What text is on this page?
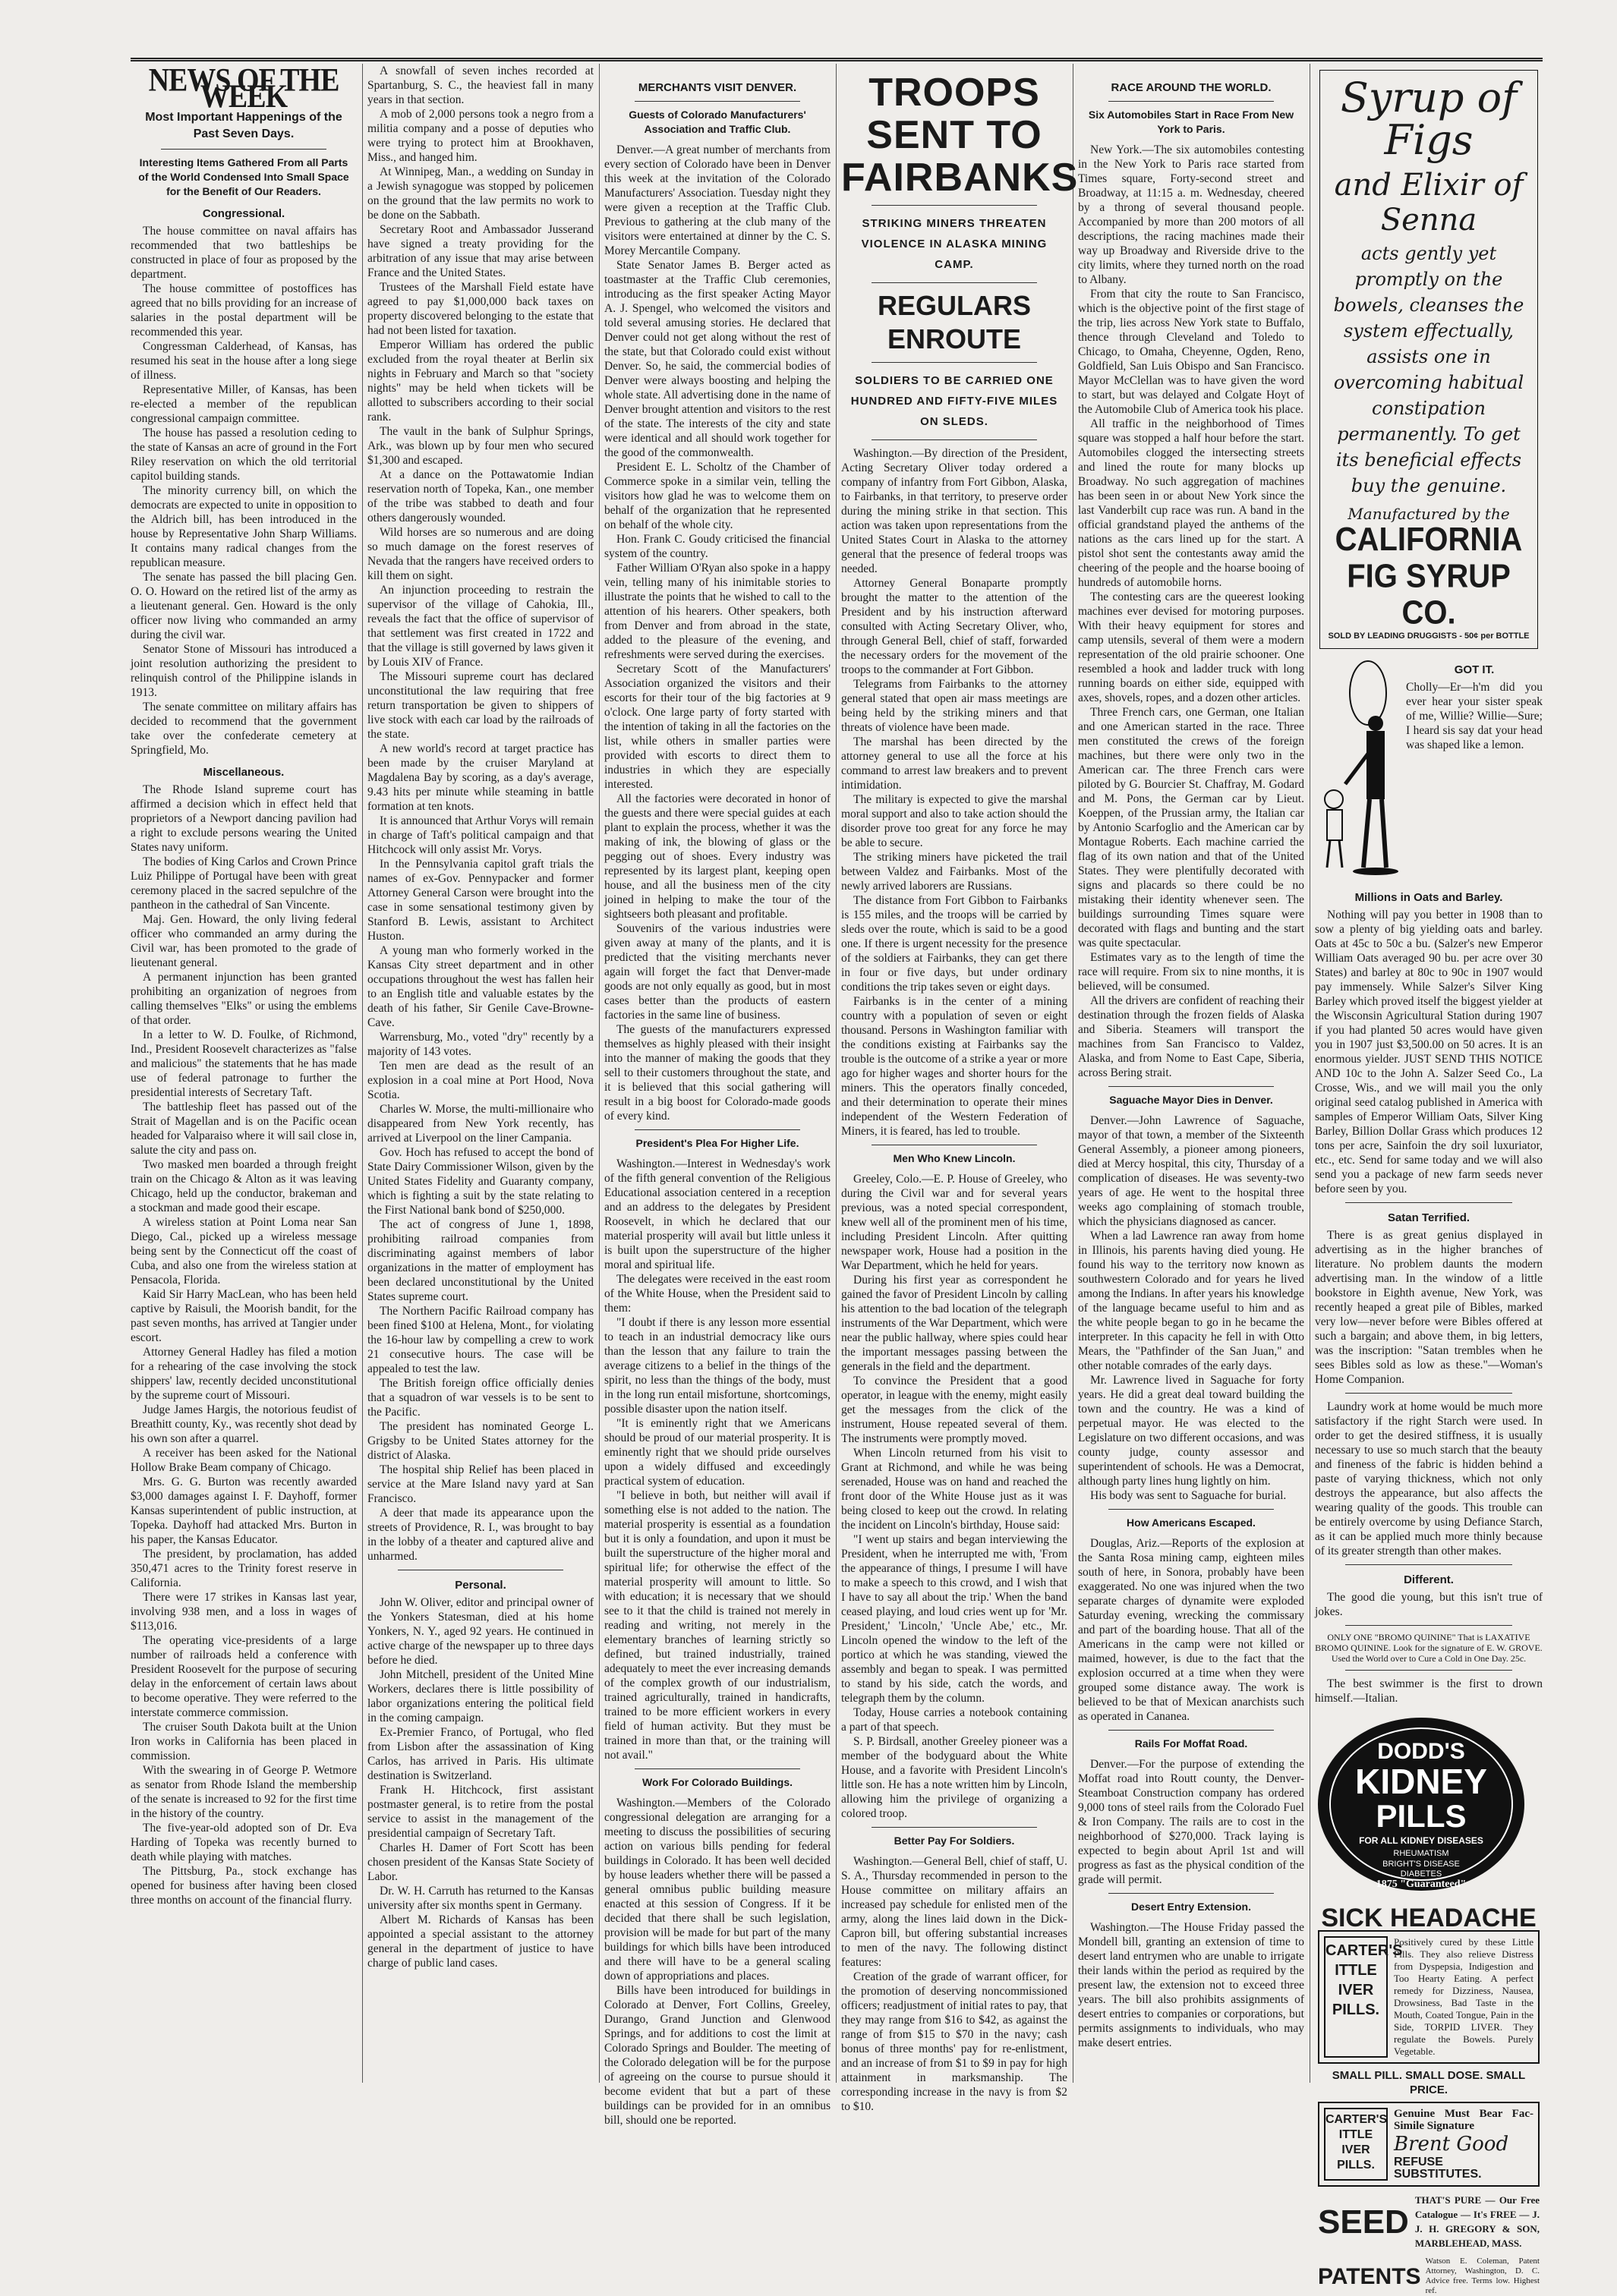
NEWS OF THE WEEK
Most Important Happenings of the Past Seven Days.
Interesting Items Gathered From all Parts of the World Condensed Into Small Space for the Benefit of Our Readers.
Congressional.

The house committee on naval affairs has recommended that two battleships be constructed in place of four as proposed by the department.

The house committee of postoffices has agreed that no bills providing for an increase of salaries in the postal department will be recommended this year.

Congressman Calderhead, of Kansas, has resumed his seat in the house after a long siege of illness.

Representative Miller, of Kansas, has been re-elected a member of the republican congressional campaign committee.

The house has passed a resolution ceding to the state of Kansas an acre of ground in the Fort Riley reservation on which the old territorial capitol building stands.

The minority currency bill, on which the democrats are expected to unite in opposition to the Aldrich bill, has been introduced in the house by Representative John Sharp Williams. It contains many radical changes from the republican measure.

The senate has passed the bill placing Gen. O. O. Howard on the retired list of the army as a lieutenant general. Gen. Howard is the only officer now living who commanded an army during the civil war.

Senator Stone of Missouri has introduced a joint resolution authorizing the president to relinquish control of the Philippine islands in 1913.

The senate committee on military affairs has decided to recommend that the government take over the confederate cemetery at Springfield, Mo.

Miscellaneous.

The Rhode Island supreme court has affirmed a decision which in effect held that proprietors of a Newport dancing pavilion had a right to exclude persons wearing the United States navy uniform.

The bodies of King Carlos and Crown Prince Luiz Philippe of Portugal have been with great ceremony placed in the sacred sepulchre of the pantheon in the cathedral of San Vincente.

Maj. Gen. Howard, the only living federal officer who commanded an army during the Civil war, has been promoted to the grade of lieutenant general.

A permanent injunction has been granted prohibiting an organization of negroes from calling themselves "Elks" or using the emblems of that order.

In a letter to W. D. Foulke, of Richmond, Ind., President Roosevelt characterizes as "false and malicious" the statements that he has made use of federal patronage to further the presidential interests of Secretary Taft.

The battleship fleet has passed out of the Strait of Magellan and is on the Pacific ocean headed for Valparaiso where it will sail close in, salute the city and pass on.

Two masked men boarded a through freight train on the Chicago & Alton as it was leaving Chicago, held up the conductor, brakeman and a stockman and made good their escape.

A wireless station at Point Loma near San Diego, Cal., picked up a wireless message being sent by the Connecticut off the coast of Cuba, and also one from the wireless station at Pensacola, Florida.

Kaid Sir Harry MacLean, who has been held captive by Raisuli, the Moorish bandit, for the past seven months, has arrived at Tangier under escort.

Attorney General Hadley has filed a motion for a rehearing of the case involving the stock shippers' law, recently decided unconstitutional by the supreme court of Missouri.

Judge James Hargis, the notorious feudist of Breathitt county, Ky., was recently shot dead by his own son after a quarrel.

A receiver has been asked for the National Hollow Brake Beam company of Chicago.

Mrs. G. G. Burton was recently awarded $3,000 damages against I. F. Dayhoff, former Kansas superintendent of public instruction, at Topeka. Dayhoff had attacked Mrs. Burton in his paper, the Kansas Educator.

The president, by proclamation, has added 350,471 acres to the Trinity forest reserve in California.

There were 17 strikes in Kansas last year, involving 938 men, and a loss in wages of $113,016.

The operating vice-presidents of a large number of railroads held a conference with President Roosevelt for the purpose of securing delay in the enforcement of certain laws about to become operative. They were referred to the interstate commerce commission.

The cruiser South Dakota built at the Union Iron works in California has been placed in commission.

With the swearing in of George P. Wetmore as senator from Rhode Island the membership of the senate is increased to 92 for the first time in the history of the country.

The five-year-old adopted son of Dr. Eva Harding of Topeka was recently burned to death while playing with matches.

The Pittsburg, Pa., stock exchange has opened for business after having been closed three months on account of the financial flurry.

A snowfall of seven inches recorded at Spartanburg, S. C., the heaviest fall in many years in that section.

A mob of 2,000 persons took a negro from a militia company and a posse of deputies who were trying to protect him at Brookhaven, Miss., and hanged him.

At Winnipeg, Man., a wedding on Sunday in a Jewish synagogue was stopped by policemen on the ground that the law permits no work to be done on the Sabbath.

Secretary Root and Ambassador Jusserand have signed a treaty providing for the arbitration of any issue that may arise between France and the United States.

Trustees of the Marshall Field estate have agreed to pay $1,000,000 back taxes on property discovered belonging to the estate that had not been listed for taxation.

Emperor William has ordered the public excluded from the royal theater at Berlin six nights in February and March so that "society nights" may be held when tickets will be allotted to subscribers according to their social rank.

The vault in the bank of Sulphur Springs, Ark., was blown up by four men who secured $1,300 and escaped.

At a dance on the Pottawatomie Indian reservation north of Topeka, Kan., one member of the tribe was stabbed to death and four others dangerously wounded.

Wild horses are so numerous and are doing so much damage on the forest reserves of Nevada that the rangers have received orders to kill them on sight.

An injunction proceeding to restrain the supervisor of the village of Cahokia, Ill., reveals the fact that the office of supervisor of that settlement was first created in 1722 and that the village is still governed by laws given it by Louis XIV of France.

The Missouri supreme court has declared unconstitutional the law requiring that free return transportation be given to shippers of live stock with each car load by the railroads of the state.

A new world's record at target practice has been made by the cruiser Maryland at Magdalena Bay by scoring, as a day's average, 9.43 hits per minute while steaming in battle formation at ten knots.

It is announced that Arthur Vorys will remain in charge of Taft's political campaign and that Hitchcock will only assist Mr. Vorys.

In the Pennsylvania capitol graft trials the names of ex-Gov. Pennypacker and former Attorney General Carson were brought into the case in some sensational testimony given by Stanford B. Lewis, assistant to Architect Huston.

A young man who formerly worked in the Kansas City street department and in other occupations throughout the west has fallen heir to an English title and valuable estates by the death of his father, Sir Genile Cave-Browne-Cave.

Warrensburg, Mo., voted "dry" recently by a majority of 143 votes.

Ten men are dead as the result of an explosion in a coal mine at Port Hood, Nova Scotia.

Charles W. Morse, the multi-millionaire who disappeared from New York recently, has arrived at Liverpool on the liner Campania.

Gov. Hoch has refused to accept the bond of State Dairy Commissioner Wilson, given by the United States Fidelity and Guaranty company, which is fighting a suit by the state relating to the First National bank bond of $250,000.

The act of congress of June 1, 1898, prohibiting railroad companies from discriminating against members of labor organizations in the matter of employment has been declared unconstitutional by the United States supreme court.

The Northern Pacific Railroad company has been fined $100 at Helena, Mont., for violating the 16-hour law by compelling a crew to work 21 consecutive hours. The case will be appealed to test the law.

The British foreign office officially denies that a squadron of war vessels is to be sent to the Pacific.

The president has nominated George L. Grigsby to be United States attorney for the district of Alaska.

The hospital ship Relief has been placed in service at the Mare Island navy yard at San Francisco.

A deer that made its appearance upon the streets of Providence, R. I., was brought to bay in the lobby of a theater and captured alive and unharmed.

Personal.

John W. Oliver, editor and principal owner of the Yonkers Statesman, died at his home Yonkers, N. Y., aged 92 years. He continued in active charge of the newspaper up to three days before he died.

John Mitchell, president of the United Mine Workers, declares there is little possibility of labor organizations entering the political field in the coming campaign.

Ex-Premier Franco, of Portugal, who fled from Lisbon after the assassination of King Carlos, has arrived in Paris. His ultimate destination is Switzerland.

Frank H. Hitchcock, first assistant postmaster general, is to retire from the postal service to assist in the management of the presidential campaign of Secretary Taft.

Charles H. Damer of Fort Scott has been chosen president of the Kansas State Society of Labor.

Dr. W. H. Carruth has returned to the Kansas university after six months spent in Germany.

Albert M. Richards of Kansas has been appointed a special assistant to the attorney general in the department of justice to have charge of public land cases.

MERCHANTS VISIT DENVER.
Guests of Colorado Manufacturers' Association and Traffic Club.

Denver.—A great number of merchants from every section of Colorado have been in Denver this week at the invitation of the Colorado Manufacturers' Association. Tuesday night they were given a reception at the Traffic Club. Previous to gathering at the club many of the visitors were entertained at dinner by the C. S. Morey Mercantile Company.

State Senator James B. Berger acted as toastmaster at the Traffic Club ceremonies, introducing as the first speaker Acting Mayor A. J. Spengel, who welcomed the visitors and told several amusing stories. He declared that Denver could not get along without the rest of the state, but that Colorado could exist without Denver. So, he said, the commercial bodies of Denver were always boosting and helping the whole state. All advertising done in the name of Denver brought attention and visitors to the rest of the state. The interests of the city and state were identical and all should work together for the good of the commonwealth.

President E. L. Scholtz of the Chamber of Commerce spoke in a similar vein, telling the visitors how glad he was to welcome them on behalf of the organization that he represented on behalf of the whole city.

Hon. Frank C. Goudy criticised the financial system of the country.

Father William O'Ryan also spoke in a happy vein, telling many of his inimitable stories to illustrate the points that he wished to call to the attention of his hearers. Other speakers, both from Denver and from abroad in the state, added to the pleasure of the evening, and refreshments were served during the exercises.

Secretary Scott of the Manufacturers' Association organized the visitors and their escorts for their tour of the big factories at 9 o'clock. One large party of forty started with the intention of taking in all the factories on the list, while others in smaller parties were provided with escorts to direct them to industries in which they are especially interested.

All the factories were decorated in honor of the guests and there were special guides at each plant to explain the process, whether it was the making of ink, the blowing of glass or the pegging out of shoes. Every industry was represented by its largest plant, keeping open house, and all the business men of the city joined in helping to make the tour of the sightseers both pleasant and profitable.

Souvenirs of the various industries were given away at many of the plants, and it is predicted that the visiting merchants never again will forget the fact that Denver-made goods are not only equally as good, but in most cases better than the products of eastern factories in the same line of business.

The guests of the manufacturers expressed themselves as highly pleased with their insight into the manner of making the goods that they sell to their customers throughout the state, and it is believed that this social gathering will result in a big boost for Colorado-made goods of every kind.

President's Plea For Higher Life.

Washington.—Interest in Wednesday's work of the fifth general convention of the Religious Educational association centered in a reception and an address to the delegates by President Roosevelt, in which he declared that our material prosperity will avail but little unless it is built upon the superstructure of the higher moral and spiritual life.

The delegates were received in the east room of the White House, when the President said to them:

"I doubt if there is any lesson more essential to teach in an industrial democracy like ours than the lesson that any failure to train the average citizens to a belief in the things of the spirit, no less than the things of the body, must in the long run entail misfortune, shortcomings, possible disaster upon the nation itself.

"It is eminently right that we Americans should be proud of our material prosperity. It is eminently right that we should pride ourselves upon a widely diffused and exceedingly practical system of education.

"I believe in both, but neither will avail if something else is not added to the nation. The material prosperity is essential as a foundation but it is only a foundation, and upon it must be built the superstructure of the higher moral and spiritual life; for otherwise the effect of the material prosperity will amount to little. So with education; it is necessary that we should see to it that the child is trained not merely in reading and writing, not merely in the elementary branches of learning strictly so defined, but trained industrially, trained adequately to meet the ever increasing demands of the complex growth of our industrialism, trained agriculturally, trained in handicrafts, trained to be more efficient workers in every field of human activity. But they must be trained in more than that, or the training will not avail."

Work For Colorado Buildings.

Washington.—Members of the Colorado congressional delegation are arranging for a meeting to discuss the possibilities of securing action on various bills pending for federal buildings in Colorado. It has been well decided by house leaders whether there will be passed a general omnibus public building measure enacted at this session of Congress. If it be decided that there shall be such legislation, provision will be made for but part of the many buildings for which bills have been introduced and there will have to be a general scaling down of appropriations and places.

Bills have been introduced for buildings in Colorado at Denver, Fort Collins, Greeley, Durango, Grand Junction and Glenwood Springs, and for additions to cost the limit at Colorado Springs and Boulder. The meeting of the Colorado delegation will be for the purpose of agreeing on the course to pursue should it become evident that but a part of these buildings can be provided for in an omnibus bill, should one be reported.

TROOPS SENT TO FAIRBANKS
STRIKING MINERS THREATEN VIOLENCE IN ALASKA MINING CAMP.
REGULARS ENROUTE
SOLDIERS TO BE CARRIED ONE HUNDRED AND FIFTY-FIVE MILES ON SLEDS.

Washington.—By direction of the President, Acting Secretary Oliver today ordered a company of infantry from Fort Gibbon, Alaska, to Fairbanks, in that territory, to preserve order during the mining strike in that section. This action was taken upon representations from the United States Court in Alaska to the attorney general that the presence of federal troops was needed.

Attorney General Bonaparte promptly brought the matter to the attention of the President and by his instruction afterward consulted with Acting Secretary Oliver, who, through General Bell, chief of staff, forwarded the necessary orders for the movement of the troops to the commander at Fort Gibbon.

Telegrams from Fairbanks to the attorney general stated that open air mass meetings are being held by the striking miners and that threats of violence have been made.

The marshal has been directed by the attorney general to use all the force at his command to arrest law breakers and to prevent intimidation.

The military is expected to give the marshal moral support and also to take action should the disorder prove too great for any force he may be able to secure.

The striking miners have picketed the trail between Valdez and Fairbanks. Most of the newly arrived laborers are Russians.

The distance from Fort Gibbon to Fairbanks is 155 miles, and the troops will be carried by sleds over the route, which is said to be a good one. If there is urgent necessity for the presence of the soldiers at Fairbanks, they can get there in four or five days, but under ordinary conditions the trip takes seven or eight days.

Fairbanks is in the center of a mining country with a population of seven or eight thousand. Persons in Washington familiar with the conditions existing at Fairbanks say the trouble is the outcome of a strike a year or more ago for higher wages and shorter hours for the miners. This the operators finally conceded, and their determination to operate their mines independent of the Western Federation of Miners, it is feared, has led to trouble.

Men Who Knew Lincoln.

Greeley, Colo.—E. P. House of Greeley, who during the Civil war and for several years previous, was a noted special correspondent, knew well all of the prominent men of his time, including President Lincoln. After quitting newspaper work, House had a position in the War Department, which he held for years.

During his first year as correspondent he gained the favor of President Lincoln by calling his attention to the bad location of the telegraph instruments of the War Department, which were near the public hallway, where spies could hear the important messages passing between the generals in the field and the department.

To convince the President that a good operator, in league with the enemy, might easily get the messages from the click of the instrument, House repeated several of them. The instruments were promptly moved.

When Lincoln returned from his visit to Grant at Richmond, and while he was being serenaded, House was on hand and reached the front door of the White House just as it was being closed to keep out the crowd. In relating the incident on Lincoln's birthday, House said:

"I went up stairs and began interviewing the President, when he interrupted me with, 'From the appearance of things, I presume I will have to make a speech to this crowd, and I wish that I have to say all about the trip.' When the band ceased playing, and loud cries went up for 'Mr. President,' 'Lincoln,' 'Uncle Abe,' etc., Mr. Lincoln opened the window to the left of the portico at which he was standing, viewed the assembly and began to speak. I was permitted to stand by his side, catch the words, and telegraph them by the column.

Today, House carries a notebook containing a part of that speech.

S. P. Birdsall, another Greeley pioneer was a member of the bodyguard about the White House, and a favorite with President Lincoln's little son. He has a note written him by Lincoln, allowing him the privilege of organizing a colored troop.

Better Pay For Soldiers.

Washington.—General Bell, chief of staff, U. S. A., Thursday recommended in person to the House committee on military affairs an increased pay schedule for enlisted men of the army, along the lines laid down in the Dick-Capron bill, but offering substantial increases to men of the navy. The following distinct features:

Creation of the grade of warrant officer, for the promotion of deserving noncommissioned officers; readjustment of initial rates to pay, that they may range from $16 to $42, as against the range of from $15 to $70 in the navy; cash bonus of three months' pay for re-enlistment, and an increase of from $1 to $9 in pay for high attainment in marksmanship. The corresponding increase in the navy is from $2 to $10.

RACE AROUND THE WORLD.
Six Automobiles Start in Race From New York to Paris.

New York.—The six automobiles contesting in the New York to Paris race started from Times square, Forty-second street and Broadway, at 11:15 a. m. Wednesday, cheered by a throng of several thousand people. Accompanied by more than 200 motors of all descriptions, the racing machines made their way up Broadway and Riverside drive to the city limits, where they turned north on the road to Albany.

From that city the route to San Francisco, which is the objective point of the first stage of the trip, lies across New York state to Buffalo, thence through Cleveland and Toledo to Chicago, to Omaha, Cheyenne, Ogden, Reno, Goldfield, San Luis Obispo and San Francisco. Mayor McClellan was to have given the word to start, but was delayed and Colgate Hoyt of the Automobile Club of America took his place.

All traffic in the neighborhood of Times square was stopped a half hour before the start. Automobiles clogged the intersecting streets and lined the route for many blocks up Broadway. No such aggregation of machines has been seen in or about New York since the last Vanderbilt cup race was run. A band in the official grandstand played the anthems of the nations as the cars lined up for the start. A pistol shot sent the contestants away amid the cheering of the people and the hoarse booing of hundreds of automobile horns.

The contesting cars are the queerest looking machines ever devised for motoring purposes. With their heavy equipment for stores and camp utensils, several of them were a modern representation of the old prairie schooner. One resembled a hook and ladder truck with long running boards on either side, equipped with axes, shovels, ropes, and a dozen other articles.

Three French cars, one German, one Italian and one American started in the race. Three men constituted the crews of the foreign machines, but there were only two in the American car. The three French cars were piloted by G. Bourcier St. Chaffray, M. Godard and M. Pons, the German car by Lieut. Koeppen, of the Prussian army, the Italian car by Antonio Scarfoglio and the American car by Montague Roberts. Each machine carried the flag of its own nation and that of the United States. They were plentifully decorated with signs and placards so there could be no mistaking their identity whenever seen. The buildings surrounding Times square were decorated with flags and bunting and the start was quite spectacular.

Estimates vary as to the length of time the race will require. From six to nine months, it is believed, will be consumed.

All the drivers are confident of reaching their destination through the frozen fields of Alaska and Siberia. Steamers will transport the machines from San Francisco to Valdez, Alaska, and from Nome to East Cape, Siberia, across Bering strait.

Saguache Mayor Dies in Denver.

Denver.—John Lawrence of Saguache, mayor of that town, a member of the Sixteenth General Assembly, a pioneer among pioneers, died at Mercy hospital, this city, Thursday of a complication of diseases. He was seventy-two years of age. He went to the hospital three weeks ago complaining of stomach trouble, which the physicians diagnosed as cancer.

When a lad Lawrence ran away from home in Illinois, his parents having died young. He found his way to the territory now known as southwestern Colorado and for years he lived among the Indians. In after years his knowledge of the language became useful to him and as the white people began to go in he became the interpreter. In this capacity he fell in with Otto Mears, the "Pathfinder of the San Juan," and other notable comrades of the early days.

Mr. Lawrence lived in Saguache for forty years. He did a great deal toward building the town and the country. He was a kind of perpetual mayor. He was elected to the Legislature on two different occasions, and was county judge, county assessor and superintendent of schools. He was a Democrat, although party lines hung lightly on him.

His body was sent to Saguache for burial.

How Americans Escaped.

Douglas, Ariz.—Reports of the explosion at the Santa Rosa mining camp, eighteen miles south of here, in Sonora, probably have been exaggerated. No one was injured when the two separate charges of dynamite were exploded Saturday evening, wrecking the commissary and part of the boarding house. That all of the Americans in the camp were not killed or maimed, however, is due to the fact that the explosion occurred at a time when they were grouped some distance away. The work is believed to be that of Mexican anarchists such as operated in Cananea.

Rails For Moffat Road.

Denver.—For the purpose of extending the Moffat road into Routt county, the Denver-Steamboat Construction company has ordered 9,000 tons of steel rails from the Colorado Fuel & Iron Company. The rails are to cost in the neighborhood of $270,000. Track laying is expected to begin about April 1st and will progress as fast as the physical condition of the grade will permit.

Desert Entry Extension.

Washington.—The House Friday passed the Mondell bill, granting an extension of time to desert land entrymen who are unable to irrigate their lands within the period as required by the present law, the extension not to exceed three years. The bill also prohibits assignments of desert entries to companies or corporations, but permits assignments to individuals, who may make desert entries.

Syrup of Figs
and Elixir of Senna
acts gently yet promptly on the bowels, cleanses the system effectually, assists one in overcoming habitual constipation permanently. To get its beneficial effects buy the genuine.
Manufactured by the
CALIFORNIA FIG SYRUP CO.
SOLD BY LEADING DRUGGISTS - 50¢ per BOTTLE
GOT IT.
Cholly—Er—h'm did you ever hear your sister speak of me, Willie? Willie—Sure; I heard sis say dat your head was shaped like a lemon.
Millions in Oats and Barley.

Nothing will pay you better in 1908 than to sow a plenty of big yielding oats and barley. Oats at 45c to 50c a bu. (Salzer's new Emperor William Oats averaged 90 bu. per acre over 30 States) and barley at 80c to 90c in 1907 would pay immensely. While Salzer's Silver King Barley which proved itself the biggest yielder at the Wisconsin Agricultural Station during 1907 if you had planted 50 acres would have given you in 1907 just $3,500.00 on 50 acres. It is an enormous yielder. JUST SEND THIS NOTICE AND 10c to the John A. Salzer Seed Co., La Crosse, Wis., and we will mail you the only original seed catalog published in America with samples of Emperor William Oats, Silver King Barley, Billion Dollar Grass which produces 12 tons per acre, Sainfoin the dry soil luxuriator, etc., etc. Send for same today and we will also send you a package of new farm seeds never before seen by you.

Satan Terrified.

There is as great genius displayed in advertising as in the higher branches of literature. No problem daunts the modern advertising man. In the window of a little bookstore in Eighth avenue, New York, was recently heaped a great pile of Bibles, marked very low—never before were Bibles offered at such a bargain; and above them, in big letters, was the inscription: "Satan trembles when he sees Bibles sold as low as these."—Woman's Home Companion.

Laundry work at home would be much more satisfactory if the right Starch were used. In order to get the desired stiffness, it is usually necessary to use so much starch that the beauty and fineness of the fabric is hidden behind a paste of varying thickness, which not only destroys the appearance, but also affects the wearing quality of the goods. This trouble can be entirely overcome by using Defiance Starch, as it can be applied much more thinly because of its greater strength than other makes.

Different.

The good die young, but this isn't true of jokes.

ONLY ONE "BROMO QUININE" That is LAXATIVE BROMO QUININE. Look for the signature of E. W. GROVE. Used the World over to Cure a Cold in One Day. 25c.

The best swimmer is the first to drown himself.—Italian.

DODD'S
KIDNEY
PILLS
FOR ALL KIDNEY DISEASES
RHEUMATISM
BRIGHT'S DISEASE
DIABETES
1875 "Guaranteed"
SICK HEADACHE
CARTER'S ITTLE IVER PILLS.
Positively cured by these Little Pills. They also relieve Distress from Dyspepsia, Indigestion and Too Hearty Eating. A perfect remedy for Dizziness, Nausea, Drowsiness, Bad Taste in the Mouth, Coated Tongue, Pain in the Side, TORPID LIVER. They regulate the Bowels. Purely Vegetable.
SMALL PILL. SMALL DOSE. SMALL PRICE.
CARTER'S ITTLE IVER PILLS.
Genuine Must Bear Fac-Simile Signature
Brent Good
REFUSE SUBSTITUTES.
SEED
THAT'S PURE — Our Free Catalogue — It's FREE — J. J. H. GREGORY & SON, MARBLEHEAD, MASS.
PATENTS
Watson E. Coleman, Patent Attorney, Washington, D. C. Advice free. Terms low. Highest ref.
